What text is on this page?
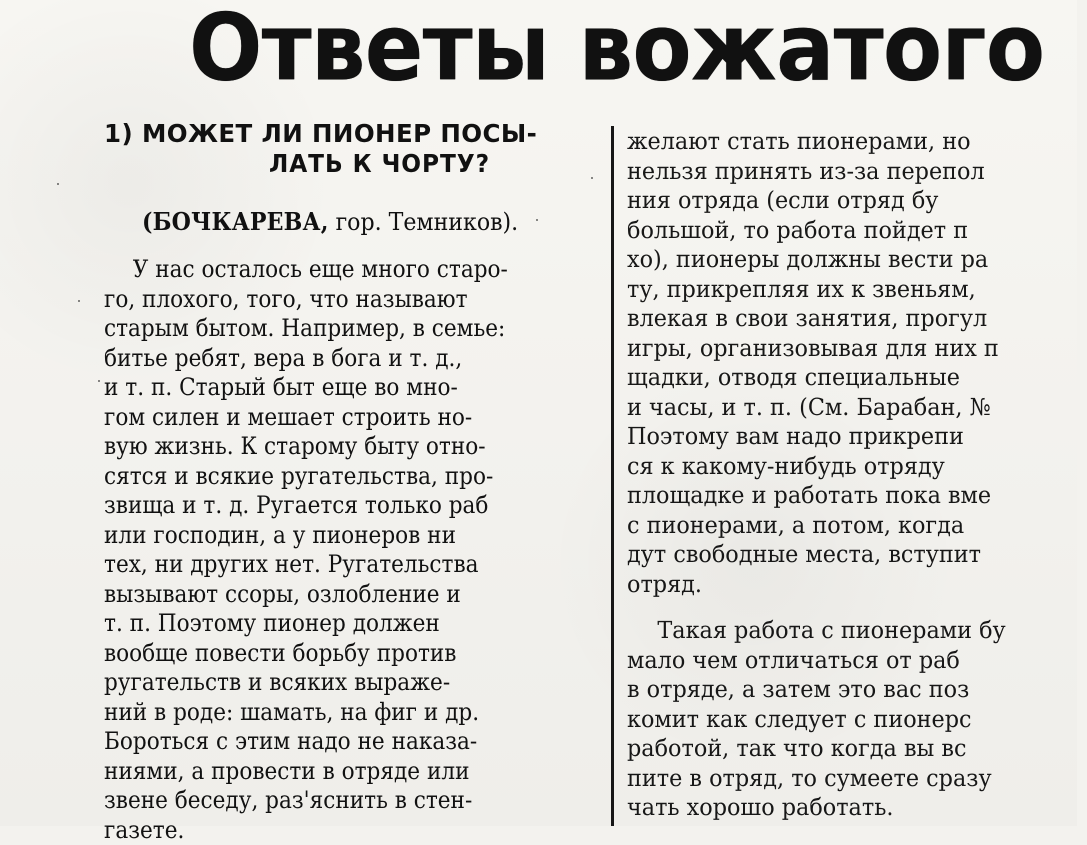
Ответы вожатого
1) МОЖЕТ ЛИ ПИОНЕР ПОСЫ-
ЛАТЬ К ЧОРТУ?
(БОЧКАРЕВА, гор. Темников).
У нас осталось еще много старо-
го, плохого, того, что называют
старым бытом. Например, в семье:
битье ребят, вера в бога и т. д.,
и т. п. Старый быт еще во мно-
гом силен и мешает строить но-
вую жизнь. К старому быту отно-
сятся и всякие ругательства, про-
звища и т. д. Ругается только раб
или господин, а у пионеров ни
тех, ни других нет. Ругательства
вызывают ссоры, озлобление и
т. п. Поэтому пионер должен
вообще повести борьбу против
ругательств и всяких выраже-
ний в роде: шамать, на фиг и др.
Бороться с этим надо не наказа-
ниями, а провести в отряде или
звене беседу, раз'яснить в стен-
газете.
желают стать пионерами, но
нельзя принять из-за перепол
ния отряда (если отряд бу
большой, то работа пойдет п
хо), пионеры должны вести ра
ту, прикрепляя их к звеньям,
влекая в свои занятия, прогул
игры, организовывая для них п
щадки, отводя специальные
и часы, и т. п. (См. Барабан, №
Поэтому вам надо прикрепи
ся к какому-нибудь отряду
площадке и работать пока вме
с пионерами, а потом, когда
дут свободные места, вступит
отряд.
Такая работа с пионерами бу
мало чем отличаться от раб
в отряде, а затем это вас поз
комит как следует с пионерс
работой, так что когда вы вс
пите в отряд, то сумеете сразу
чать хорошо работать.
